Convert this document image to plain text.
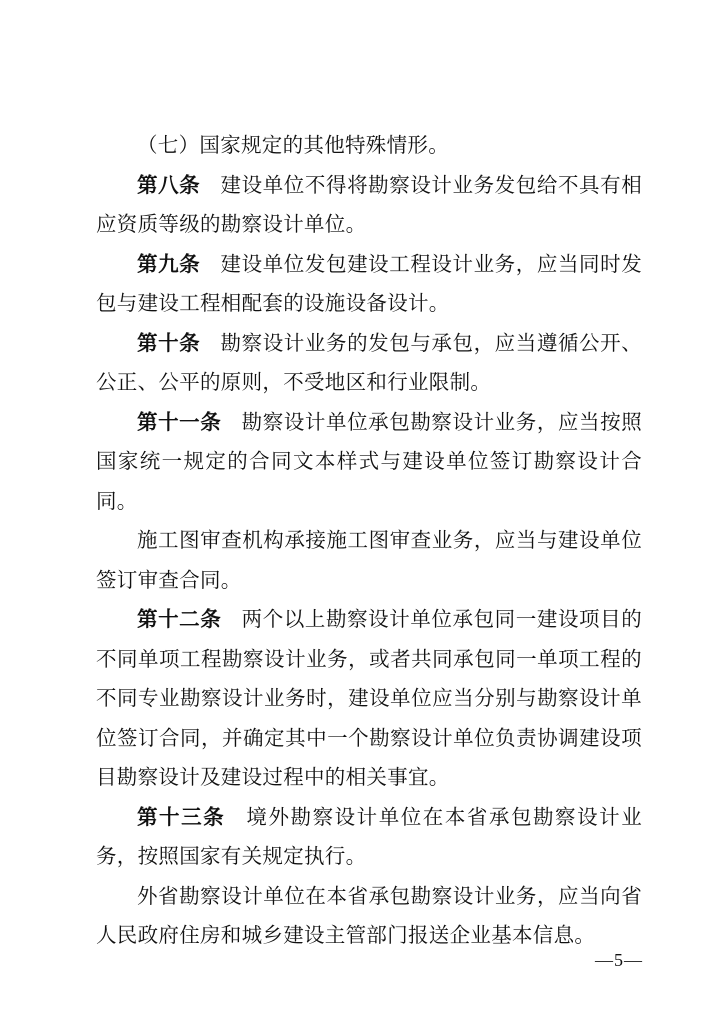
（七）国家规定的其他特殊情形。

第八条 建设单位不得将勘察设计业务发包给不具有相应资质等级的勘察设计单位。

第九条 建设单位发包建设工程设计业务，应当同时发包与建设工程相配套的设施设备设计。

第十条 勘察设计业务的发包与承包，应当遵循公开、公正、公平的原则，不受地区和行业限制。

第十一条 勘察设计单位承包勘察设计业务，应当按照国家统一规定的合同文本样式与建设单位签订勘察设计合同。

施工图审查机构承接施工图审查业务，应当与建设单位签订审查合同。

第十二条 两个以上勘察设计单位承包同一建设项目的不同单项工程勘察设计业务，或者共同承包同一单项工程的不同专业勘察设计业务时，建设单位应当分别与勘察设计单位签订合同，并确定其中一个勘察设计单位负责协调建设项目勘察设计及建设过程中的相关事宜。

第十三条 境外勘察设计单位在本省承包勘察设计业务，按照国家有关规定执行。

外省勘察设计单位在本省承包勘察设计业务，应当向省人民政府住房和城乡建设主管部门报送企业基本信息。

—5—
